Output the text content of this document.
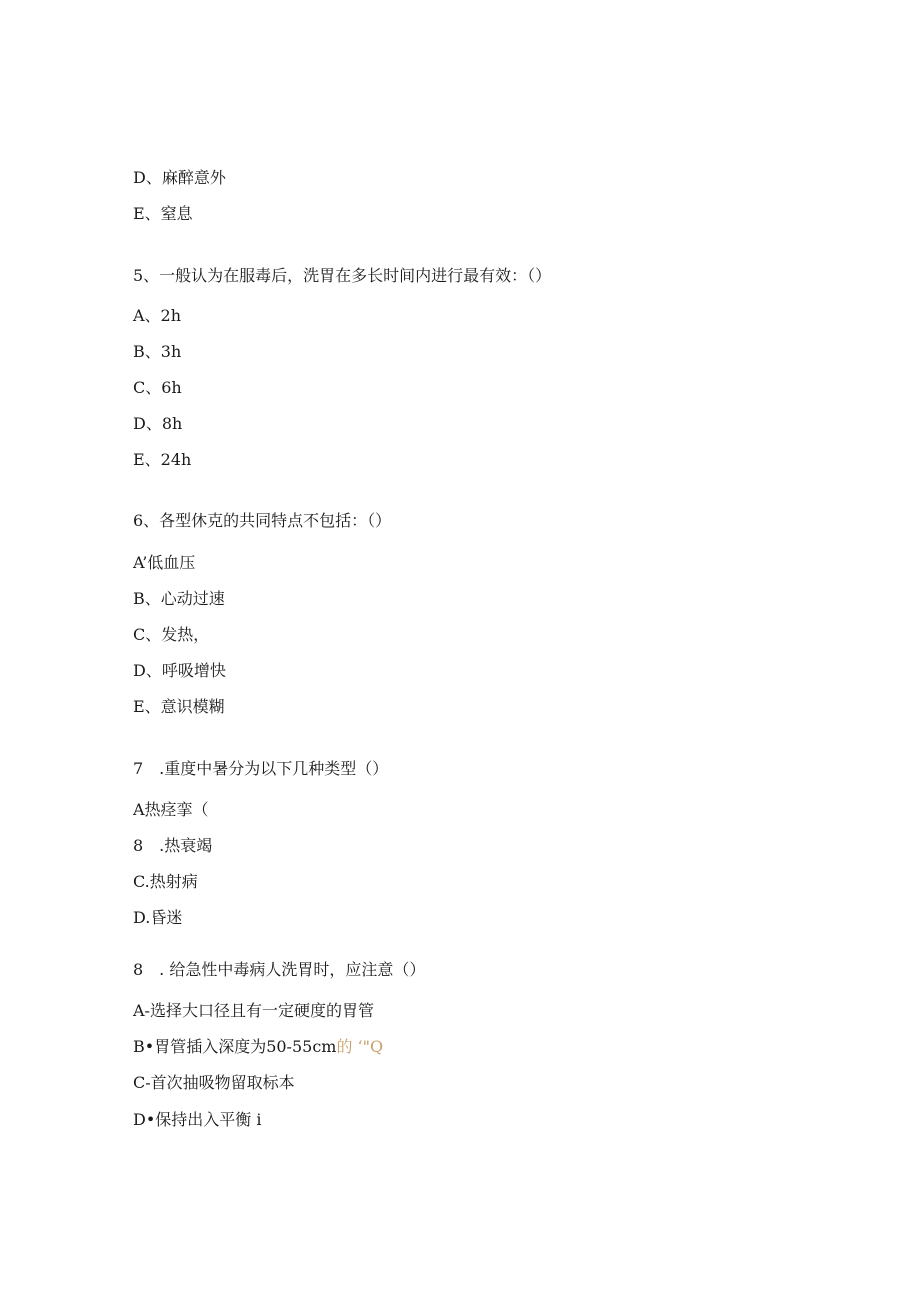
D、麻醉意外
E、窒息
5、一般认为在服毒后，洗胃在多长时间内进行最有效：（）
A、2h
B、3h
C、6h
D、8h
E、24h
6、各型休克的共同特点不包括：（）
A’低血压
B、心动过速
C、发热，
D、呼吸增快
E、意识模糊
7　.重度中暑分为以下几种类型（）
A热痉挛（
8　.热衰竭
C.热射病
D.昏迷
8　. 给急性中毒病人洗胃时，应注意（）
A-选择大口径且有一定硬度的胃管
B•胃管插入深度为50-55cm的 ‘"Q
C-首次抽吸物留取标本
D•保持出入平衡 i
